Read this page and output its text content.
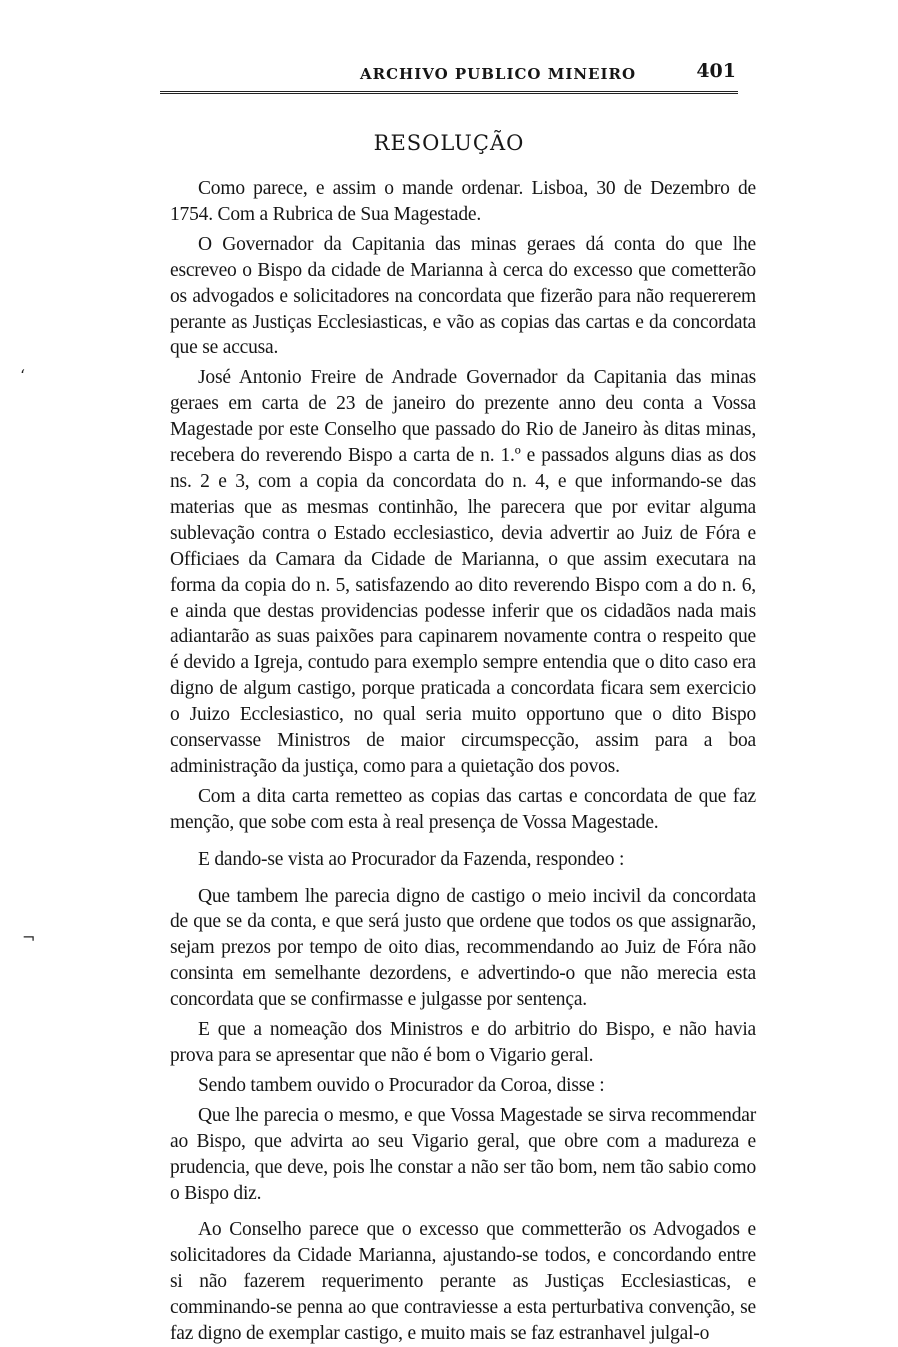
ARCHIVO PUBLICO MINEIRO	401
RESOLUÇÃO

Como parece, e assim o mande ordenar. Lisboa, 30 de Dezembro de 1754. Com a Rubrica de Sua Magestade.

O Governador da Capitania das minas geraes dá conta do que lhe escreveo o Bispo da cidade de Marianna à cerca do excesso que cometterão os advogados e solicitadores na concordata que fizerão para não requererem perante as Justiças Ecclesiasticas, e vão as copias das cartas e da concordata que se accusa.

José Antonio Freire de Andrade Governador da Capitania das minas geraes em carta de 23 de janeiro do prezente anno deu conta a Vossa Magestade por este Conselho que passado do Rio de Janeiro às ditas minas, recebera do reverendo Bispo a carta de n. 1.º e passados alguns dias as dos ns. 2 e 3, com a copia da concordata do n. 4, e que informando-se das materias que as mesmas continhão, lhe parecera que por evitar alguma sublevação contra o Estado ecclesiastico, devia advertir ao Juiz de Fóra e Officiaes da Camara da Cidade de Marianna, o que assim executara na forma da copia do n. 5, satisfazendo ao dito reverendo Bispo com a do n. 6, e ainda que destas providencias podesse inferir que os cidadãos nada mais adiantarão as suas paixões para capinarem novamente contra o respeito que é devido a Igreja, contudo para exemplo sempre entendia que o dito caso era digno de algum castigo, porque praticada a concordata ficara sem exercicio o Juizo Ecclesiastico, no qual seria muito opportuno que o dito Bispo conservasse Ministros de maior circumspecção, assim para a boa administração da justiça, como para a quietação dos povos.

Com a dita carta remetteo as copias das cartas e concordata de que faz menção, que sobe com esta à real presença de Vossa Magestade.

E dando-se vista ao Procurador da Fazenda, respondeo :

Que tambem lhe parecia digno de castigo o meio incivil da concordata de que se da conta, e que será justo que ordene que todos os que assignarão, sejam prezos por tempo de oito dias, recommendando ao Juiz de Fóra não consinta em semelhante dezordens, e advertindo-o que não merecia esta concordata que se confirmasse e julgasse por sentença.

E que a nomeação dos Ministros e do arbitrio do Bispo, e não havia prova para se apresentar que não é bom o Vigario geral.

Sendo tambem ouvido o Procurador da Coroa, disse :

Que lhe parecia o mesmo, e que Vossa Magestade se sirva recommendar ao Bispo, que advirta ao seu Vigario geral, que obre com a madureza e prudencia, que deve, pois lhe constar a não ser tão bom, nem tão sabio como o Bispo diz.

Ao Conselho parece que o excesso que commetterão os Advogados e solicitadores da Cidade Marianna, ajustando-se todos, e concordando entre si não fazerem requerimento perante as Justiças Ecclesiasticas, e comminando-se penna ao que contraviesse a esta perturbativa convenção, se faz digno de exemplar castigo, e muito mais se faz estranhavel julgal-o

ʻ
¬
